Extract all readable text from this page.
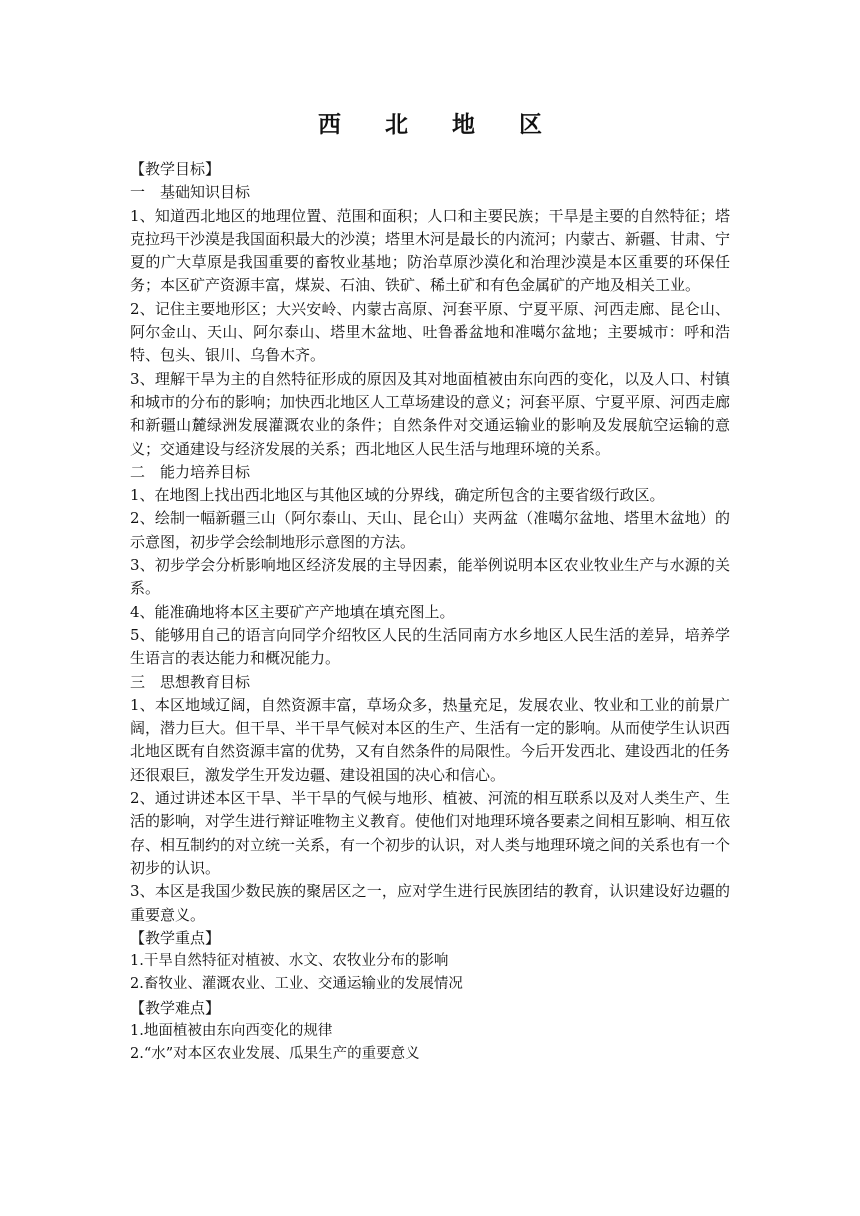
西 北 地 区

【教学目标】

一　基础知识目标

1、知道西北地区的地理位置、范围和面积；人口和主要民族；干旱是主要的自然特征；塔克拉玛干沙漠是我国面积最大的沙漠；塔里木河是最长的内流河；内蒙古、新疆、甘肃、宁夏的广大草原是我国重要的畜牧业基地；防治草原沙漠化和治理沙漠是本区重要的环保任务；本区矿产资源丰富，煤炭、石油、铁矿、稀土矿和有色金属矿的产地及相关工业。

2、记住主要地形区；大兴安岭、内蒙古高原、河套平原、宁夏平原、河西走廊、昆仑山、阿尔金山、天山、阿尔泰山、塔里木盆地、吐鲁番盆地和准噶尔盆地；主要城市：呼和浩特、包头、银川、乌鲁木齐。

3、理解干旱为主的自然特征形成的原因及其对地面植被由东向西的变化，以及人口、村镇和城市的分布的影响；加快西北地区人工草场建设的意义；河套平原、宁夏平原、河西走廊和新疆山麓绿洲发展灌溉农业的条件；自然条件对交通运输业的影响及发展航空运输的意义；交通建设与经济发展的关系；西北地区人民生活与地理环境的关系。

二　能力培养目标

1、在地图上找出西北地区与其他区域的分界线，确定所包含的主要省级行政区。

2、绘制一幅新疆三山（阿尔泰山、天山、昆仑山）夹两盆（准噶尔盆地、塔里木盆地）的示意图，初步学会绘制地形示意图的方法。

3、初步学会分析影响地区经济发展的主导因素，能举例说明本区农业牧业生产与水源的关系。

4、能准确地将本区主要矿产产地填在填充图上。

5、能够用自己的语言向同学介绍牧区人民的生活同南方水乡地区人民生活的差异，培养学生语言的表达能力和概况能力。

三　思想教育目标

1、本区地域辽阔，自然资源丰富，草场众多，热量充足，发展农业、牧业和工业的前景广阔，潜力巨大。但干旱、半干旱气候对本区的生产、生活有一定的影响。从而使学生认识西北地区既有自然资源丰富的优势，又有自然条件的局限性。今后开发西北、建设西北的任务还很艰巨，激发学生开发边疆、建设祖国的决心和信心。

2、通过讲述本区干旱、半干旱的气候与地形、植被、河流的相互联系以及对人类生产、生活的影响，对学生进行辩证唯物主义教育。使他们对地理环境各要素之间相互影响、相互依存、相互制约的对立统一关系，有一个初步的认识，对人类与地理环境之间的关系也有一个初步的认识。

3、本区是我国少数民族的聚居区之一，应对学生进行民族团结的教育，认识建设好边疆的重要意义。

【教学重点】

1.干旱自然特征对植被、水文、农牧业分布的影响

2.畜牧业、灌溉农业、工业、交通运输业的发展情况

【教学难点】

1.地面植被由东向西变化的规律

2.“水”对本区农业发展、瓜果生产的重要意义
